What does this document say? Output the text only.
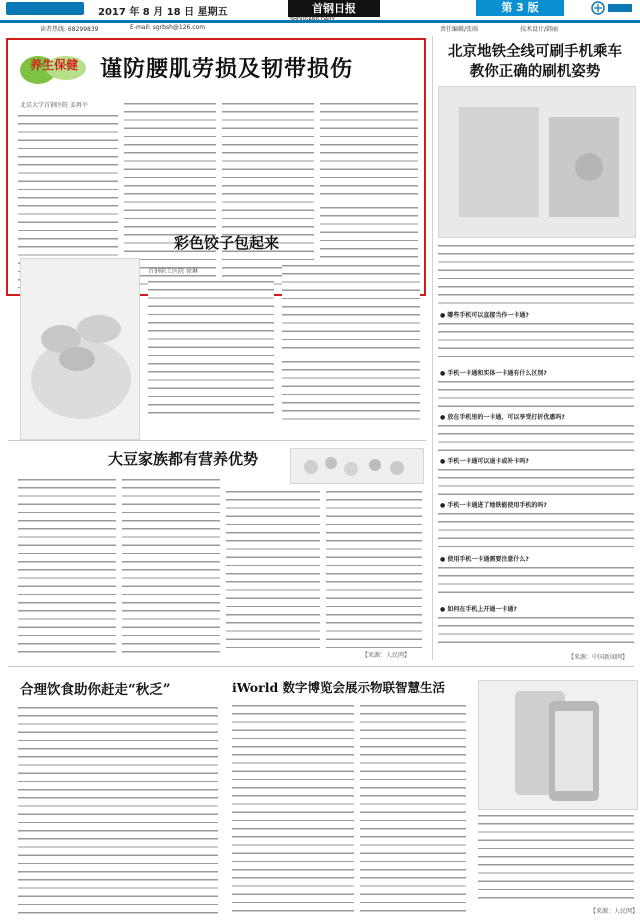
2017 年 8 月 18 日 星期五	首钢日报	第 3 版
读者热线: 68299839	E-mail: sgrbsh@126.com	责任编辑/张雨	技术设计/韩丽
养生保健 谨防腰肌劳损及韧带损伤
北京大学首钢医院 姜再平
彩色饺子包起来
首钢职工医院 徐琳
大豆家族都有营养优势
【来源：人民网】
合理饮食助你赶走“秋乏”	iWorld 数字博览会展示物联智慧生活
【来源：人民网】
北京地铁全线可刷手机乘车
教你正确的刷机姿势
● 哪些手机可以直接当作一卡通?
● 手机一卡通和实体一卡通有什么区别?
● 放在手机里的一卡通，可以享受打折优惠吗?
● 手机一卡通可以退卡或补卡吗?
● 手机一卡通进了地铁能使用手机的吗?
● 使用手机一卡通需要注意什么?
● 如何在手机上开通一卡通?
【来源：中国新闻网】
